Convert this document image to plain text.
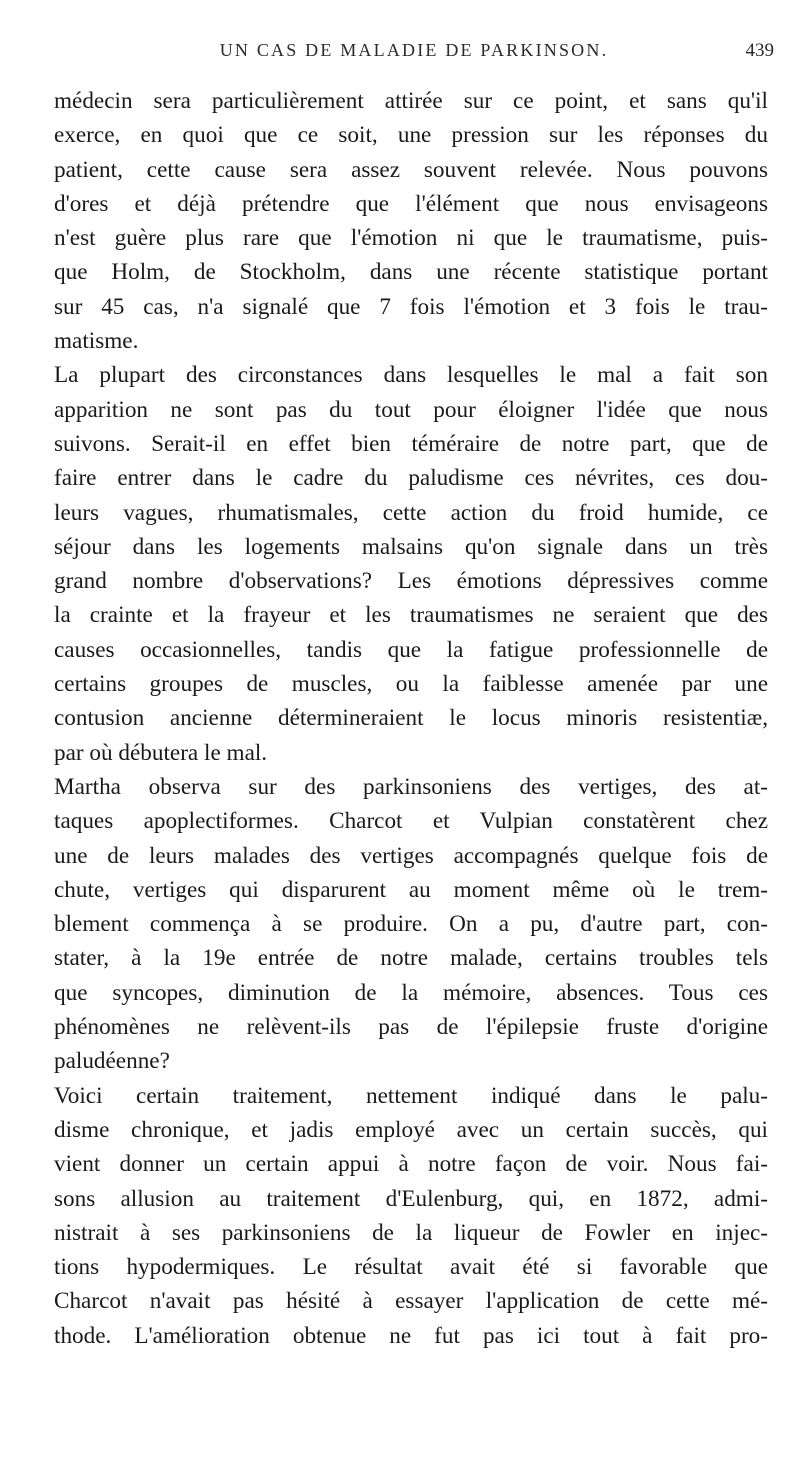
UN CAS DE MALADIE DE PARKINSON.	439

médecin sera particulièrement attirée sur ce point, et sans qu'il
exerce, en quoi que ce soit, une pression sur les réponses du
patient, cette cause sera assez souvent relevée. Nous pouvons
d'ores et déjà prétendre que l'élément que nous envisageons
n'est guère plus rare que l'émotion ni que le traumatisme, puis-
que Holm, de Stockholm, dans une récente statistique portant
sur 45 cas, n'a signalé que 7 fois l'émotion et 3 fois le trau-
matisme.

La plupart des circonstances dans lesquelles le mal a fait son
apparition ne sont pas du tout pour éloigner l'idée que nous
suivons. Serait-il en effet bien téméraire de notre part, que de
faire entrer dans le cadre du paludisme ces névrites, ces dou-
leurs vagues, rhumatismales, cette action du froid humide, ce
séjour dans les logements malsains qu'on signale dans un très
grand nombre d'observations? Les émotions dépressives comme
la crainte et la frayeur et les traumatismes ne seraient que des
causes occasionnelles, tandis que la fatigue professionnelle de
certains groupes de muscles, ou la faiblesse amenée par une
contusion ancienne détermineraient le locus minoris resistentiæ,
par où débutera le mal.

Martha observa sur des parkinsoniens des vertiges, des at-
taques apoplectiformes. Charcot et Vulpian constatèrent chez
une de leurs malades des vertiges accompagnés quelque fois de
chute, vertiges qui disparurent au moment même où le trem-
blement commença à se produire. On a pu, d'autre part, con-
stater, à la 19e entrée de notre malade, certains troubles tels
que syncopes, diminution de la mémoire, absences. Tous ces
phénomènes ne relèvent-ils pas de l'épilepsie fruste d'origine
paludéenne?

Voici certain traitement, nettement indiqué dans le palu-
disme chronique, et jadis employé avec un certain succès, qui
vient donner un certain appui à notre façon de voir. Nous fai-
sons allusion au traitement d'Eulenburg, qui, en 1872, admi-
nistrait à ses parkinsoniens de la liqueur de Fowler en injec-
tions hypodermiques. Le résultat avait été si favorable que
Charcot n'avait pas hésité à essayer l'application de cette mé-
thode. L'amélioration obtenue ne fut pas ici tout à fait pro-
